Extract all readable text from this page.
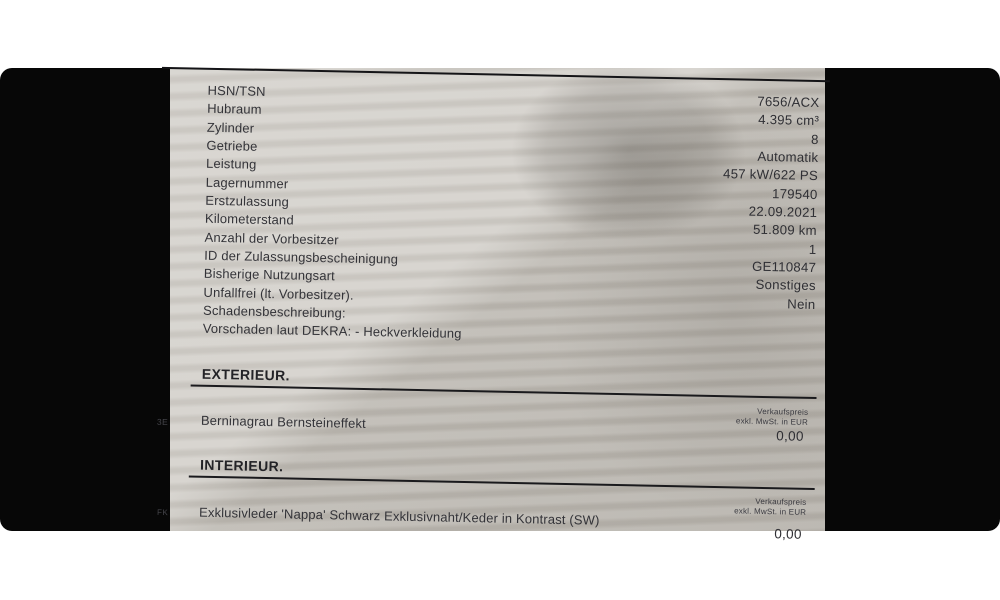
HSN/TSN
7656/ACX
Hubraum
4.395 cm³
Zylinder
8
Getriebe
Automatik
Leistung
457 kW/622 PS
Lagernummer
179540
Erstzulassung
22.09.2021
Kilometerstand
51.809 km
Anzahl der Vorbesitzer
1
ID der Zulassungsbescheinigung
GE110847
Bisherige Nutzungsart
Sonstiges
Unfallfrei (lt. Vorbesitzer).
Nein
Schadensbeschreibung:
Vorschaden laut DEKRA: - Heckverkleidung
EXTERIEUR.
3E Berninagrau Bernsteineffekt
Verkaufspreis
exkl. MwSt. in EUR
0,00
INTERIEUR.
FK Exklusivleder 'Nappa' Schwarz Exklusivnaht/Keder in Kontrast (SW)
Verkaufspreis
exkl. MwSt. in EUR
0,00
